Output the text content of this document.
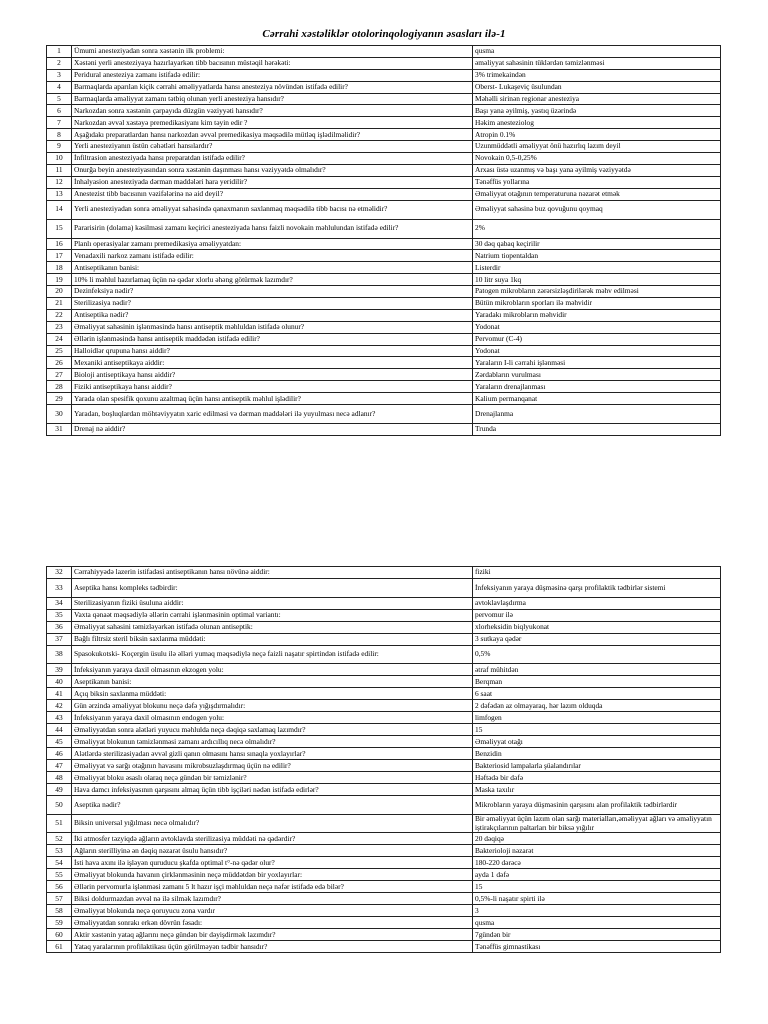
Cərrahi xəstəliklər otolorinqologiyanın əsasları ilə-1
1	Ümumi anesteziyadan sonra xəstənin ilk problemi:	qusma
2	Xəstəni yerli anesteziyaya hazırlayarkən tibb bacısının müstəqil hərəkəti:	əməliyyat sahəsinin tüklərdən təmizlənməsi
3	Peridural anesteziya zamanı istifadə edilir:	3% trimekaindən
4	Barmaqlarda aparılan kiçik cərrahi əməliyyatlarda hansı anesteziya növündən istifadə edilir?	Oberst- Lukaşeviç üsulundan
5	Barmaqlarda əməliyyat zamanı tətbiq olunan yerli anesteziya hansıdır?	Məhəlli sirinən regionar anesteziya
6	Narkozdan sonra xəstənin çarpayıda düzgün vəziyyəti hansıdır?	Başı yana əyilmiş, yastıq üzərində
7	Narkozdan əvvəl xəstəyə premedikasiyanı kim təyin edir ?	Həkim anesteziolog
8	Aşağıdakı preparatlardan hansı narkozdan əvvəl premedikasiya məqsədilə mütləq işlədilməlidir?	Atropin 0.1%
9	Yerli anesteziyanın üstün cəhətləri hansılardır?	Uzunmüddətli əməliyyat önü hazırlıq lazım deyil
10	İnfiltrasion anesteziyada hansı preparatdan istifadə edilir?	Novokain 0,5-0,25%
11	Onurğa beyin anesteziyasından sonra xəstənin daşınması hansı vəziyyətdə olmalıdır?	Arxası üstə uzanmış və başı yana əyilmiş vəziyyətdə
12	İnhalyasion anesteziyada dərman maddələri hara yeridilir?	Tənəffüs yollarına
13	Anestezist tibb bacısının vəzifələrinə nə aid deyil?	Əməliyyat otağının temperaturuna nəzarət etmək
14	Yerli anesteziyadan sonra əməliyyat sahəsində qanaxmanın saxlanmaq məqsədilə tibb bacısı nə etməlidir?	Əməliyyat sahəsinə buz qovuğunu qoymaq
15	Pararisirin (dolama) kəsilməsi zamanı keçirici anesteziyada hansı faizli novokain məhlulundan istifadə edilir?	2%
16	Planlı operasiyalar zamanı premedikasiya əməliyyatdan:	30 dəq qabaq keçirilir
17	Venadaxili narkoz zamanı istifadə edilir:	Natrium tiopentaldan
18	Antiseptikanın banisi:	Listerdir
19	10% li məhlul hazırlamaq üçün nə qədər xlorlu əhəng götürmək lazımdır?	10 litr suya 1kq
20	Dezinfeksiya nədir?	Patogen mikrobların zərərsizləşdirilərək məhv edilməsi
21	Sterilizasiya nədir?	Bütün mikrobların sporları ilə məhvidir
22	Antiseptika nədir?	Yaradakı mikrobların məhvidir
23	Əməliyyat sahəsinin işlənməsində hansı antiseptik məhluldan istifadə olunur?	Yodonat
24	Əllərin işlənməsində hansı antiseptik maddədən istifadə edilir?	Pervomur (C-4)
25	Halloidlər qrupuna hansı aiddir?	Yodonat
26	Mexaniki antiseptikaya aiddir:	Yaraların I-li cərrahi işlənməsi
27	Bioloji antiseptikaya hansı aiddir?	Zərdabların vurulması
28	Fiziki antiseptikaya hansı aiddir?	Yaraların drenajlanması
29	Yarada olan spesifik qoxunu azaltmaq üçün hansı antiseptik məhlul işlədilir?	Kalium permanqanat
30	Yaradan, boşluqlardan möhtəviyyatın xaric edilməsi və dərman maddələri ilə yuyulması necə adlanır?	Drenajlanma
31	Drenaj nə aiddir?	Trunda
32	Cərrahiyyədə lazerin istifadəsi antiseptikanın hansı növünə aiddir:	fiziki
33	Aseptika hansı kompleks tədbirdir:	İnfeksiyanın yaraya düşməsinə qarşı profilaktik tədbirlər sistemi
34	Sterilizasiyanın fiziki üsuluna aiddir:	avtoklavlaşdırma
35	Vaxta qənaət məqsədiylə əllərin cərrahi işlənməsinin optimal variantı:	pervomur ilə
36	Əməliyyat sahəsini təmizləyərkən istifadə olunan antiseptik:	xlorheksidin biqlyukonat
37	Bağlı filtrsiz steril biksin saxlanma müddəti:	3 sutkaya qədər
38	Spasokukotski- Koçergin üsulu ilə əlləri yumaq məqsədiylə neçə faizli naşatır spirtindən istifadə edilir:	0,5%
39	İnfeksiyanın yaraya daxil olmasının ekzogen yolu:	ətraf mühitdən
40	Aseptikanın banisi:	Berqman
41	Açıq biksin saxlanma müddəti:	6 saat
42	Gün ərzində əməliyyat blokunu neçə dəfə yığışdırmalıdır:	2 dəfədən az olmayaraq, hər lazım olduqda
43	İnfeksiyanın yaraya daxil olmasının endogen yolu:	limfogen
44	Əməliyyatdan sonra alətləri yuyucu məhlulda neçə dəqiqə saxlamaq lazımdır?	15
45	Əməliyyat blokunun təmizlənməsi zamanı ardıcıllıq necə olmalıdır?	Əməliyyat otağı
46	Alətlərdə sterilizasiyadan əvvəl gizli qanın olmasını hansı sınaqla yoxlayırlar?	Benzidin
47	Əməliyyat və sarğı otağının havasını mikrobsuzlaşdırmaq üçün nə edilir?	Bakteriosid lampalarla şüalandırılar
48	Əməliyyat bloku əsaslı olaraq neçə gündən bir təmizlənir?	Həftədə bir dəfə
49	Hava damcı infeksiyasının qarşısını almaq üçün tibb işçiləri nədən istifadə edirlər?	Maska taxılır
50	Aseptika nədir?	Mikrobların yaraya düşməsinin qarşısını alan profilaktik tədbirlərdir
51	Biksin universal yığılması necə olmalıdır?	Bir əməliyyat üçün lazım olan sarğı materialları,əməliyyat ağları və əməliyyatın iştirakçılarının paltarları bir biksə yığılır
52	İki atmosfer təzyiqdə ağların avtoklavda sterilizasiya müddəti nə qədərdir?	20 dəqiqə
53	Ağların sterilliyinə ən dəqiq nəzarət üsulu hansıdır?	Bakterioloji nəzarət
54	İsti hava axını ilə işləyən quruducu şkafda optimal t°-nə qədər olur?	180-220 dərəcə
55	Əməliyyat blokunda havanın çirklənməsinin neçə müddətdən bir yoxlayırlar:	ayda 1 dəfə
56	Əllərin pervomurla işlənməsi zamanı 5 lt hazır işçi məhluldan neçə nəfər istifadə edə bilər?	15
57	Biksi doldurmazdan əvvəl nə ilə silmək lazımdır?	0,5%-li naşatır spirti ilə
58	Əməliyyat blokunda neçə qoruyucu zona vardır	3
59	Əməliyyatdan sonrakı erkən dövrün fəsadı:	qusma
60	Aktir xəstənin yataq ağlarını neçə gündən bir dəyişdirmək lazımdır?	7gündən bir
61	Yataq yaralarının profilaktikası üçün görülməyən tədbir hansıdır?	Tənəffüs gimnastikası
